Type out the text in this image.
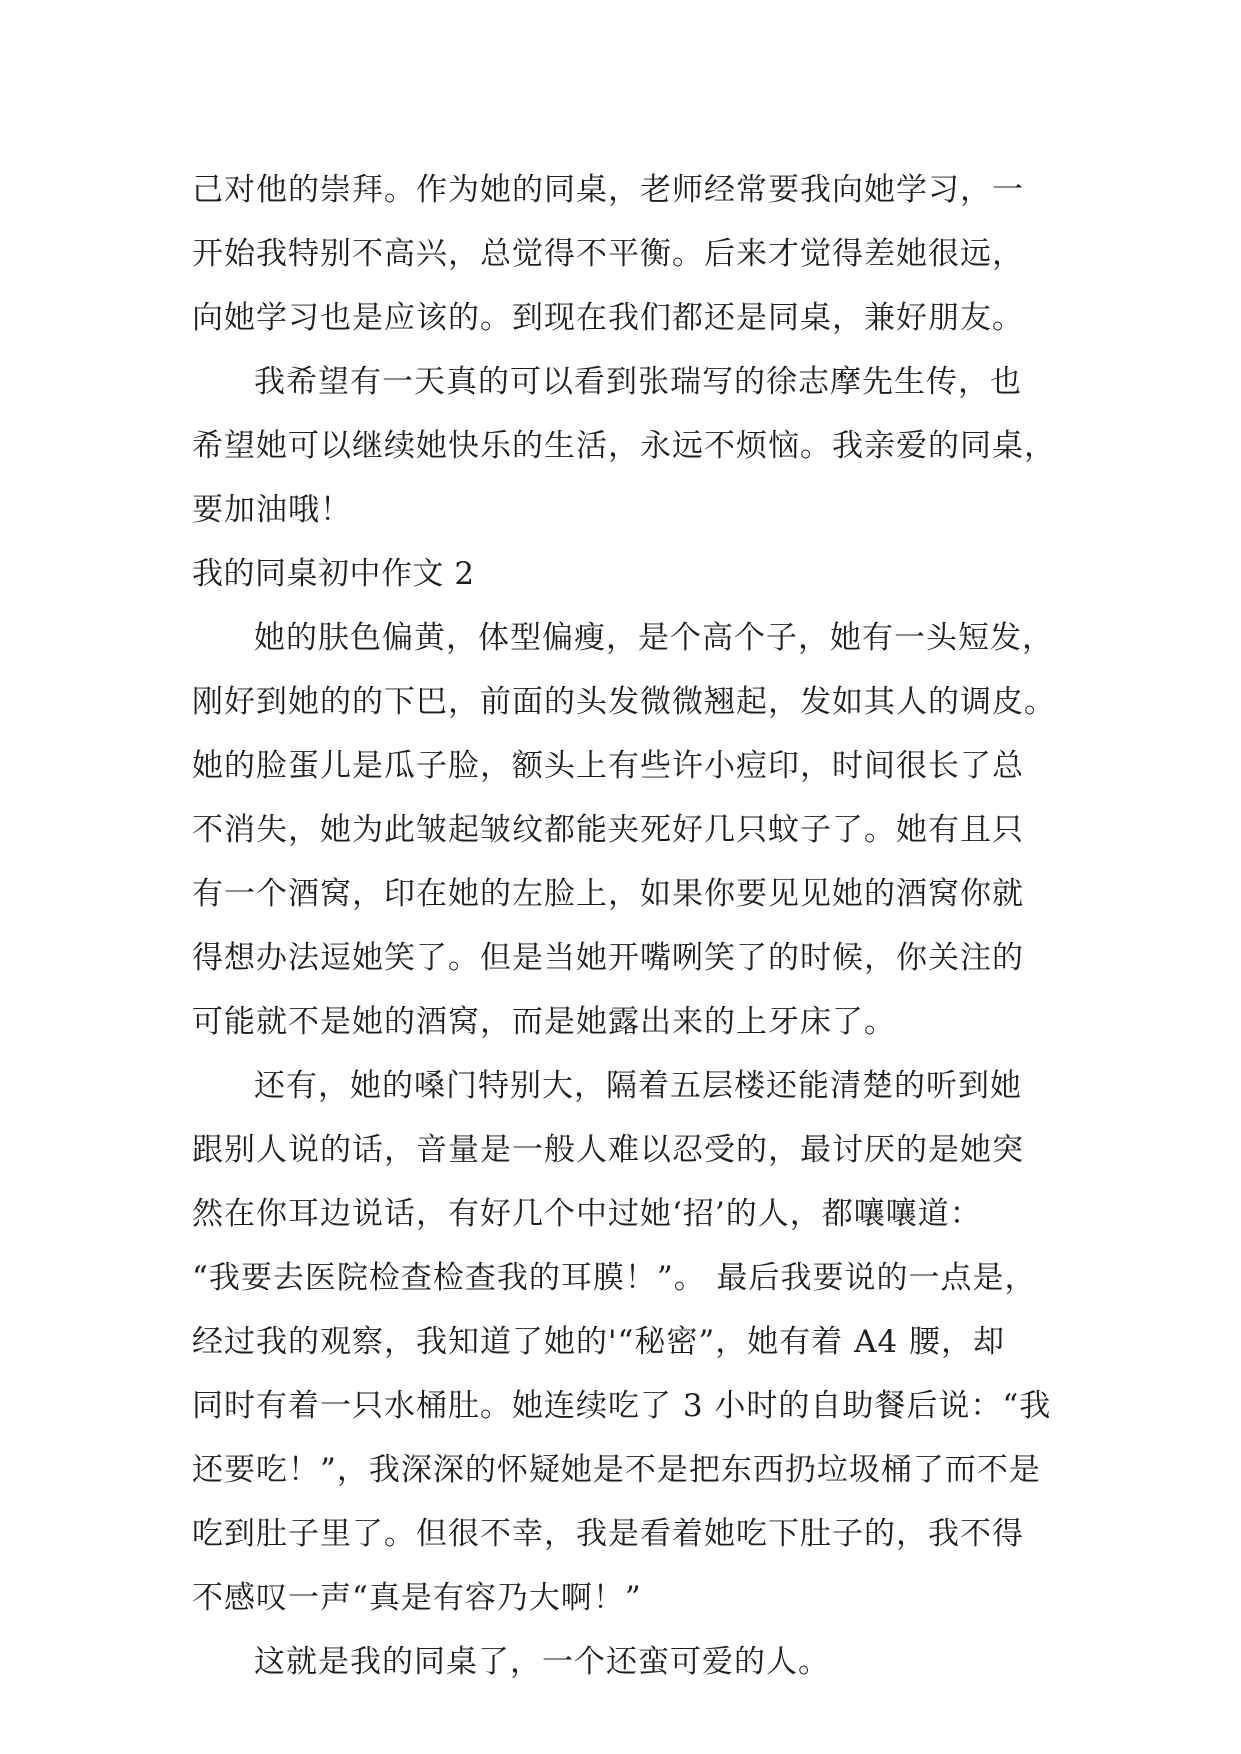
己对他的崇拜。作为她的同桌，老师经常要我向她学习，一
开始我特别不高兴，总觉得不平衡。后来才觉得差她很远，
向她学习也是应该的。到现在我们都还是同桌，兼好朋友。
我希望有一天真的可以看到张瑞写的徐志摩先生传，也
希望她可以继续她快乐的生活，永远不烦恼。我亲爱的同桌，
要加油哦！
我的同桌初中作文 2
她的肤色偏黄，体型偏瘦，是个高个子，她有一头短发，
刚好到她的的下巴，前面的头发微微翘起，发如其人的调皮。
她的脸蛋儿是瓜子脸，额头上有些许小痘印，时间很长了总
不消失，她为此皱起皱纹都能夹死好几只蚊子了。她有且只
有一个酒窝，印在她的左脸上，如果你要见见她的酒窝你就
得想办法逗她笑了。但是当她开嘴咧笑了的时候，你关注的
可能就不是她的酒窝，而是她露出来的上牙床了。
还有，她的嗓门特别大，隔着五层楼还能清楚的听到她
跟别人说的话，音量是一般人难以忍受的，最讨厌的是她突
然在你耳边说话，有好几个中过她‘招’的人，都嚷嚷道：
“我要去医院检查检查我的耳膜！”。 最后我要说的一点是，
经过我的观察，我知道了她的'“秘密”，她有着 A4 腰，却
同时有着一只水桶肚。她连续吃了 3 小时的自助餐后说：“我
还要吃！”，我深深的怀疑她是不是把东西扔垃圾桶了而不是
吃到肚子里了。但很不幸，我是看着她吃下肚子的，我不得
不感叹一声“真是有容乃大啊！”
这就是我的同桌了，一个还蛮可爱的人。
